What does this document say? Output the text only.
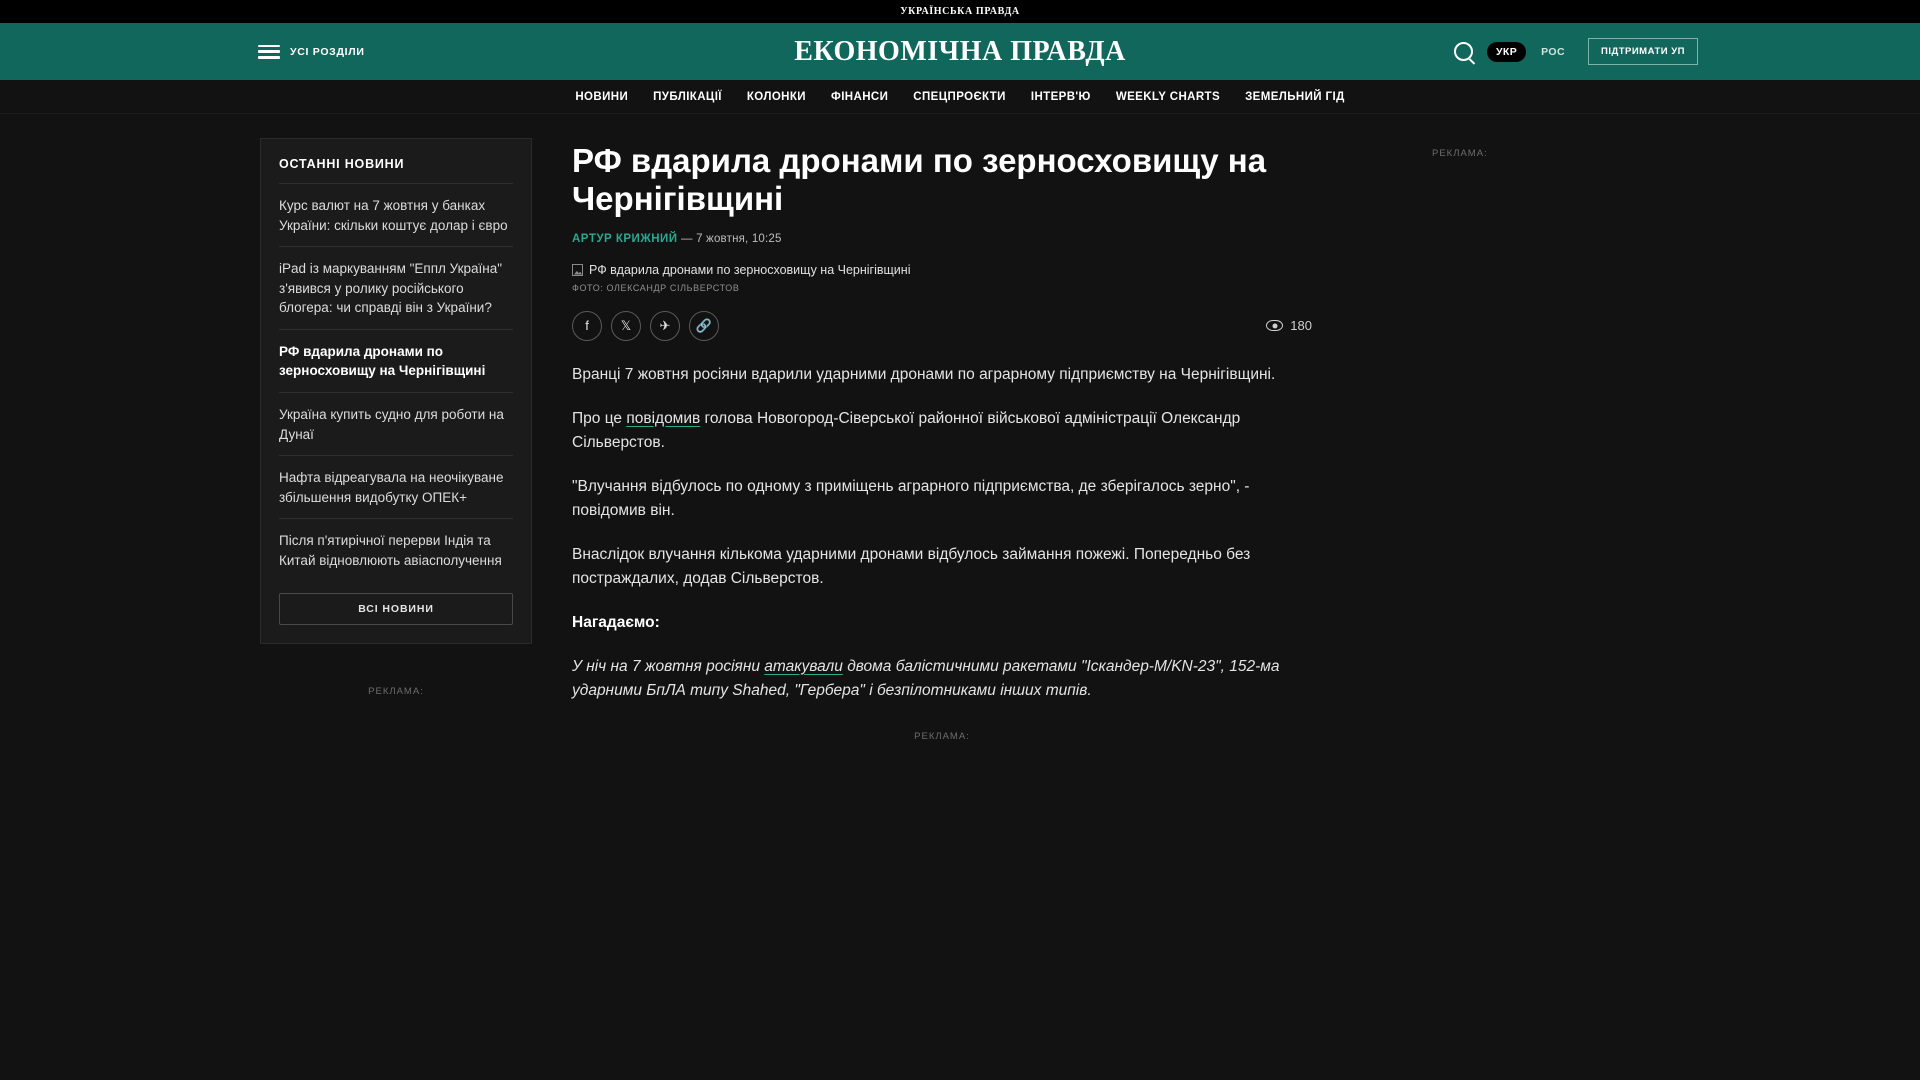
УКРАЇНСЬКА ПРАВДА
УСІ РОЗДІЛИ	ЕКОНОМІЧНА ПРАВДА	УКР	РОС	ПІДТРИМАТИ УП
НОВИНИ ПУБЛІКАЦІЇ КОЛОНКИ ФІНАНСИ СПЕЦПРОЄКТИ ІНТЕРВ'Ю WEEKLY CHARTS ЗЕМЕЛЬНИЙ ГІД
ОСТАННІ НОВИНИ
Курс валют на 7 жовтня у банках України: скільки коштує долар і євро
iPad із маркуванням "Еппл Україна" з'явився у ролику російського блогера: чи справді він з України?
РФ вдарила дронами по зерносховищу на Чернігівщині
Україна купить судно для роботи на Дунаї
Нафта відреагувала на неочікуване збільшення видобутку ОПЕК+
Після п'ятирічної перерви Індія та Китай відновлюють авіасполучення
ВСІ НОВИНИ
РЕКЛАМА:
РФ вдарила дронами по зерносховищу на Чернігівщині
АРТУР КРИЖНИЙ — 7 жовтня, 10:25
РФ вдарила дронами по зерносховищу на Чернігівщині
ФОТО: ОЛЕКСАНДР СІЛЬВЕРСТОВ
f	𝕏	✈	🔗	180

Вранці 7 жовтня росіяни вдарили ударними дронами по аграрному підприємству на Чернігівщині.

Про це повідомив голова Новогород-Сіверської районної військової адміністрації Олександр Сільверстов.

"Влучання відбулось по одному з приміщень аграрного підприємства, де зберігалось зерно", - повідомив він.

Внаслідок влучання кількома ударними дронами відбулось займання пожежі. Попередньо без постраждалих, додав Сільверстов.

Нагадаємо:

У ніч на 7 жовтня росіяни атакували двома балістичними ракетами "Іскандер-М/KN-23", 152-ма ударними БпЛА типу Shahed, "Гербера" і безпілотниками інших типів.

РЕКЛАМА:
РЕКЛАМА:
